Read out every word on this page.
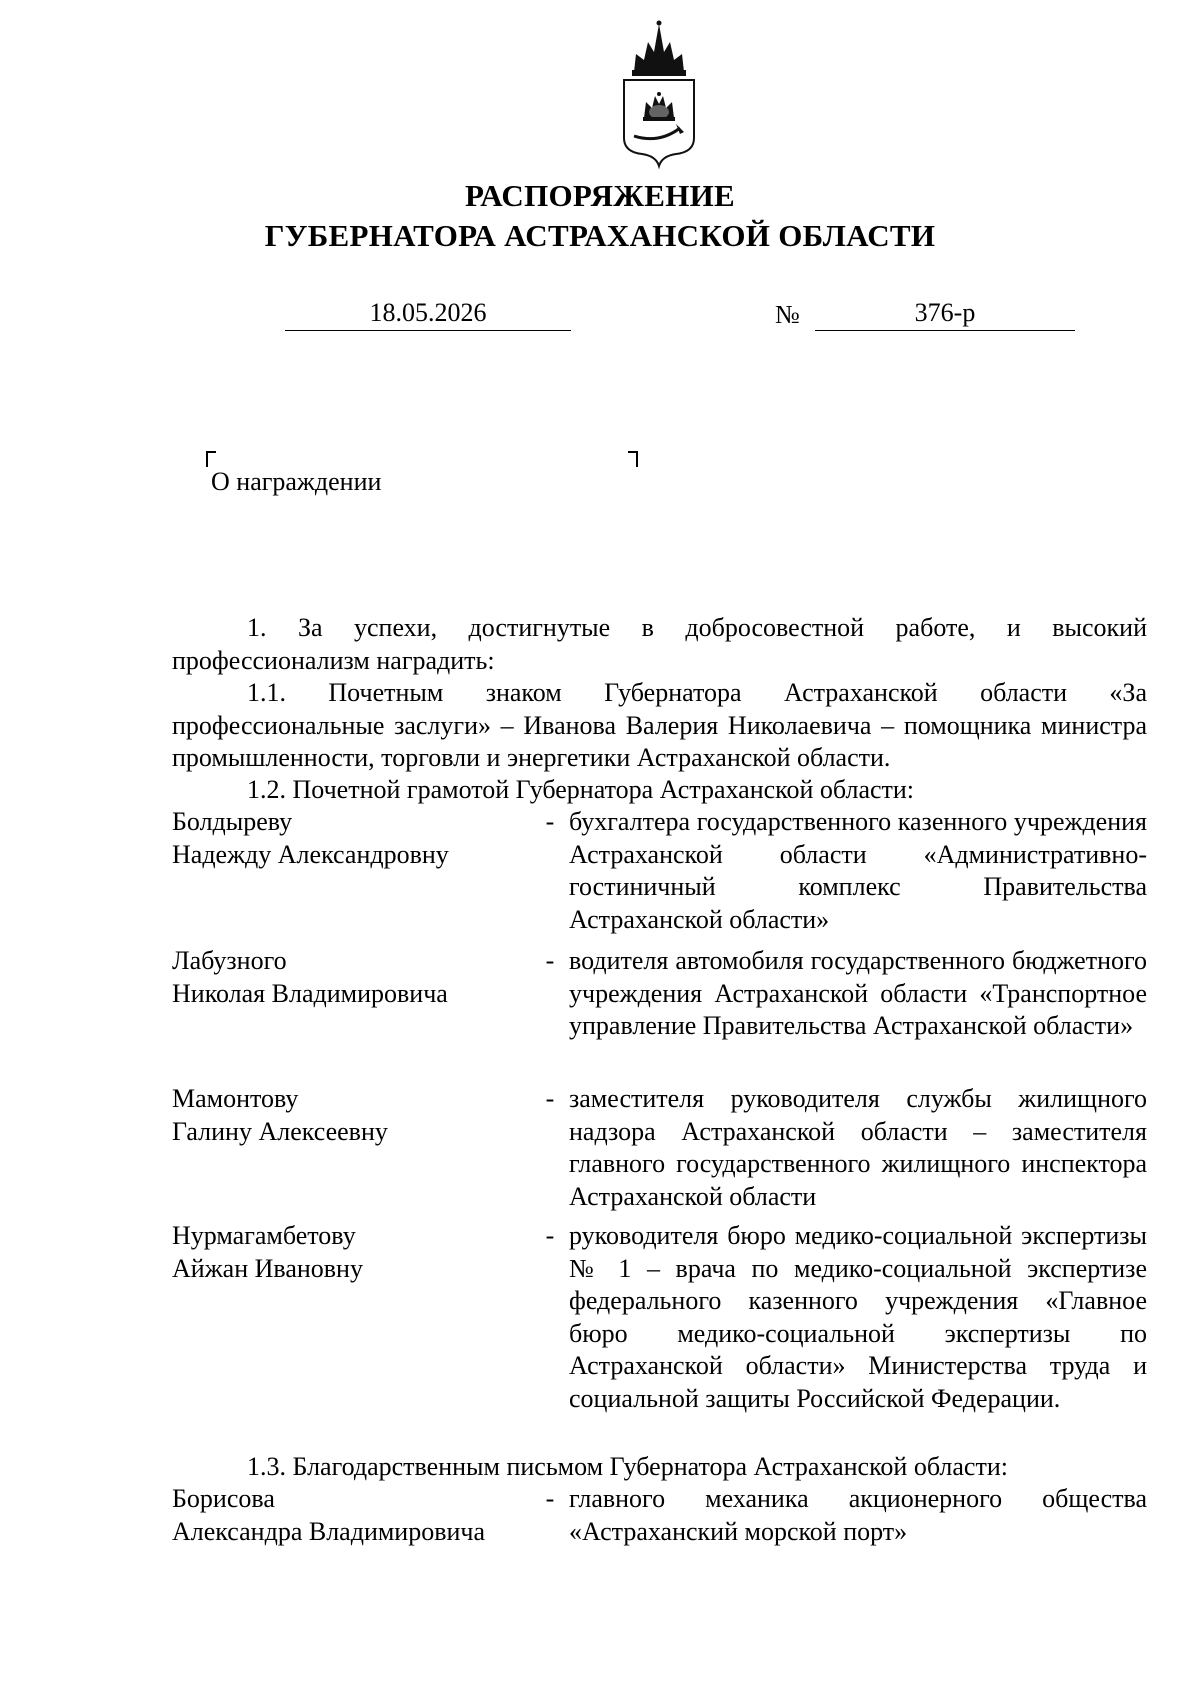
РАСПОРЯЖЕНИЕ
ГУБЕРНАТОРА АСТРАХАНСКОЙ ОБЛАСТИ
18.05.2026	№	376-р
О награждении

1. За успехи, достигнутые в добросовестной работе, и высокий профессионализм наградить:

1.1. Почетным знаком Губернатора Астраханской области «За профессиональные заслуги» – Иванова Валерия Николаевича – помощника министра промышленности, торговли и энергетики Астраханской области.

1.2. Почетной грамотой Губернатора Астраханской области:

Болдыреву
Надежду Александровну
- бухгалтера государственного казенного учреждения Астраханской области «Административно-гостиничный комплекс Правительства Астраханской области»
Лабузного
Николая Владимировича
- водителя автомобиля государственного бюджетного учреждения Астраханской области «Транспортное управление Правительства Астраханской области»
Мамонтову
Галину Алексеевну
- заместителя руководителя службы жилищного надзора Астраханской области – заместителя главного государственного жилищного инспектора Астраханской области
Нурмагамбетову
Айжан Ивановну
- руководителя бюро медико-социальной экспертизы № 1 – врача по медико-социальной экспертизе федерального казенного учреждения «Главное бюро медико-социальной экспертизы по Астраханской области» Министерства труда и социальной защиты Российской Федерации.

1.3. Благодарственным письмом Губернатора Астраханской области:

Борисова
Александра Владимировича
- главного механика акционерного общества «Астраханский морской порт»
